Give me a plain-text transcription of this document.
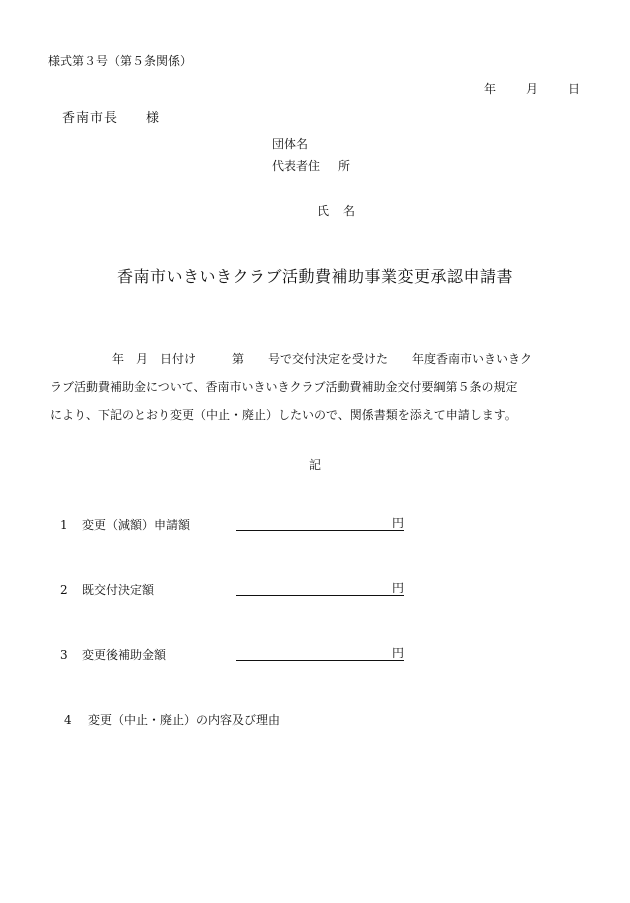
様式第３号（第５条関係）
年	月	日
香南市長 様
団体名
代表者住 所
氏 名
香南市いきいきクラブ活動費補助事業変更承認申請書
年　月　日付け　　　第　　号で交付決定を受けた　　年度香南市いきいきク
ラブ活動費補助金について、香南市いきいきクラブ活動費補助金交付要綱第５条の規定
により、下記のとおり変更（中止・廃止）したいので、関係書類を添えて申請します。
記
1 変更（減額）申請額	円
2 既交付決定額	円
3 変更後補助金額	円
4 変更（中止・廃止）の内容及び理由
